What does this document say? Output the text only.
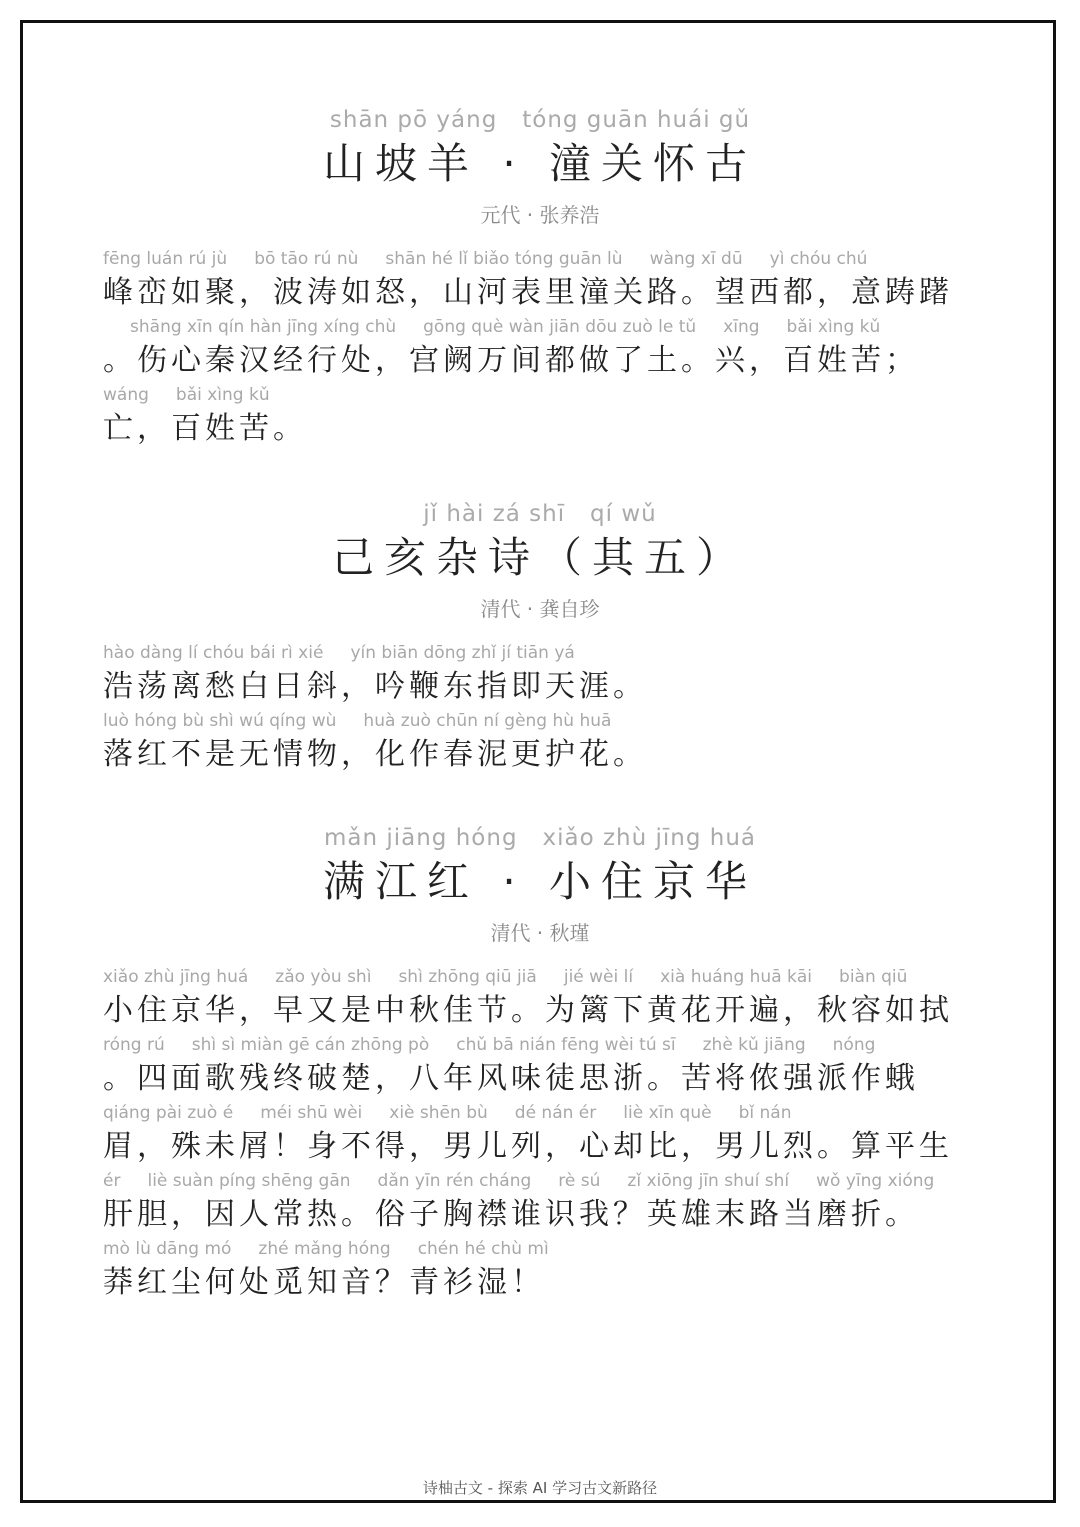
shān pō yáng   tóng guān huái gǔ
山坡羊 · 潼关怀古
元代 · 张养浩
fēng luán rú jù     bō tāo rú nù     shān hé lǐ biǎo tóng guān lù     wàng xī dū     yì chóu chú
峰峦如聚，波涛如怒，山河表里潼关路。望西都，意踌躇
shāng xīn qín hàn jīng xíng chù     gōng què wàn jiān dōu zuò le tǔ     xīng     bǎi xìng kǔ
。伤心秦汉经行处，宫阙万间都做了土。兴，百姓苦；
wáng     bǎi xìng kǔ
亡，百姓苦。
jǐ hài zá shī   qí wǔ
己亥杂诗（其五）
清代 · 龚自珍
hào dàng lí chóu bái rì xié     yín biān dōng zhǐ jí tiān yá
浩荡离愁白日斜，吟鞭东指即天涯。
luò hóng bù shì wú qíng wù     huà zuò chūn ní gèng hù huā
落红不是无情物，化作春泥更护花。
mǎn jiāng hóng   xiǎo zhù jīng huá
满江红 · 小住京华
清代 · 秋瑾
xiǎo zhù jīng huá     zǎo yòu shì     shì zhōng qiū jiā     jié wèi lí     xià huáng huā kāi     biàn qiū
小住京华，早又是中秋佳节。为篱下黄花开遍，秋容如拭
róng rú     shì sì miàn gē cán zhōng pò     chǔ bā nián fēng wèi tú sī     zhè kǔ jiāng     nóng
。四面歌残终破楚，八年风味徒思浙。苦将侬强派作蛾
qiáng pài zuò é     méi shū wèi     xiè shēn bù     dé nán ér     liè xīn què     bǐ nán
眉，殊未屑！身不得，男儿列，心却比，男儿烈。算平生
ér     liè suàn píng shēng gān     dǎn yīn rén cháng     rè sú     zǐ xiōng jīn shuí shí     wǒ yīng xióng
肝胆，因人常热。俗子胸襟谁识我？英雄末路当磨折。
mò lù dāng mó     zhé mǎng hóng     chén hé chù mì
莽红尘何处觅知音？青衫湿！
诗柚古文 - 探索 AI 学习古文新路径
